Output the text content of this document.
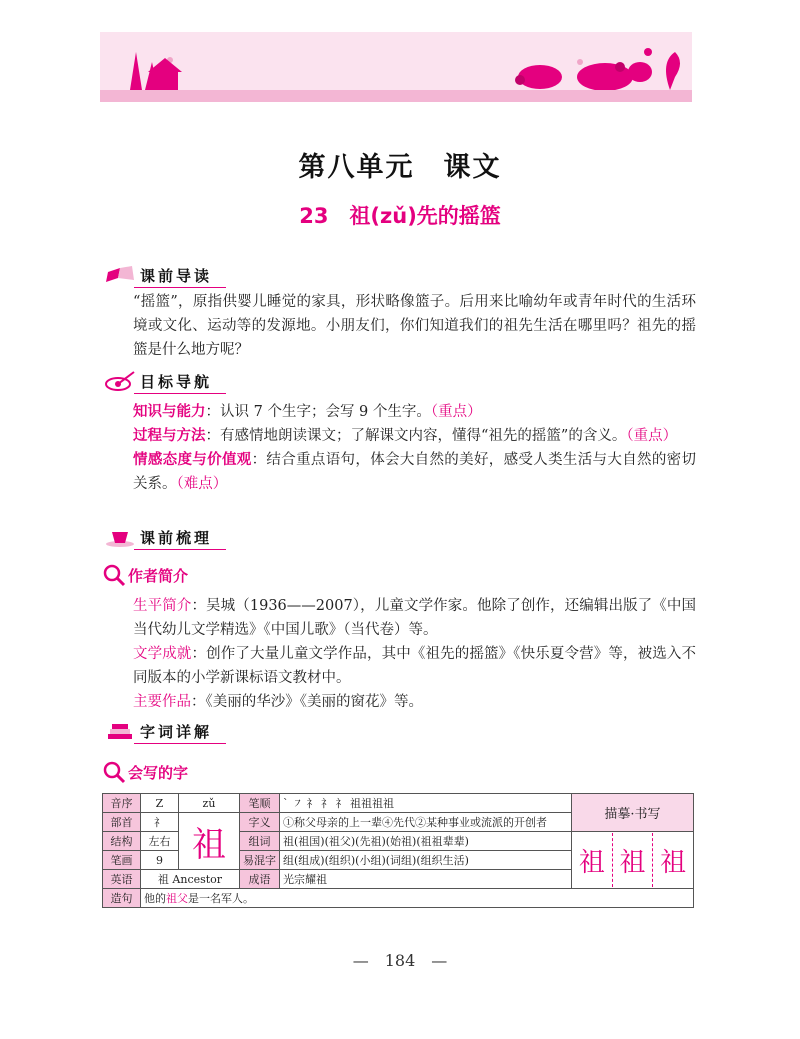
第八单元　课文
23　祖(zǔ)先的摇篮
课前导读
“摇篮”，原指供婴儿睡觉的家具，形状略像篮子。后用来比喻幼年或青年时代的生活环境或文化、运动等的发源地。小朋友们，你们知道我们的祖先生活在哪里吗？祖先的摇篮是什么地方呢？
目标导航
知识与能力：认识 7 个生字；会写 9 个生字。（重点）
过程与方法：有感情地朗读课文；了解课文内容，懂得“祖先的摇篮”的含义。（重点）
情感态度与价值观：结合重点语句，体会大自然的美好，感受人类生活与大自然的密切关系。（难点）
课前梳理
作者简介
生平简介：吴城（1936——2007），儿童文学作家。他除了创作，还编辑出版了《中国当代幼儿文学精选》《中国儿歌》（当代卷）等。
文学成就：创作了大量儿童文学作品，其中《祖先的摇篮》《快乐夏令营》等，被选入不同版本的小学新课标语文教材中。
主要作品：《美丽的华沙》《美丽的窗花》等。
字词详解
会写的字
音序	Z	zǔ	笔顺	` ㇇ 礻 礻 礻 祖祖祖祖	描摹·书写
部首	礻	祖	字义	①称父母亲的上一辈④先代②某种事业或流派的开创者	
结构	左右		组词	祖(祖国)(祖父)(先祖)(始祖)(祖祖辈辈)	祖 祖 祖

笔画	9		易混字	组(组成)(组织)(小组)(词组)(组织生活)	
英语	祖 Ancestor		成语	光宗耀祖	
造句	他的祖父是一名军人。				
—　184　—
